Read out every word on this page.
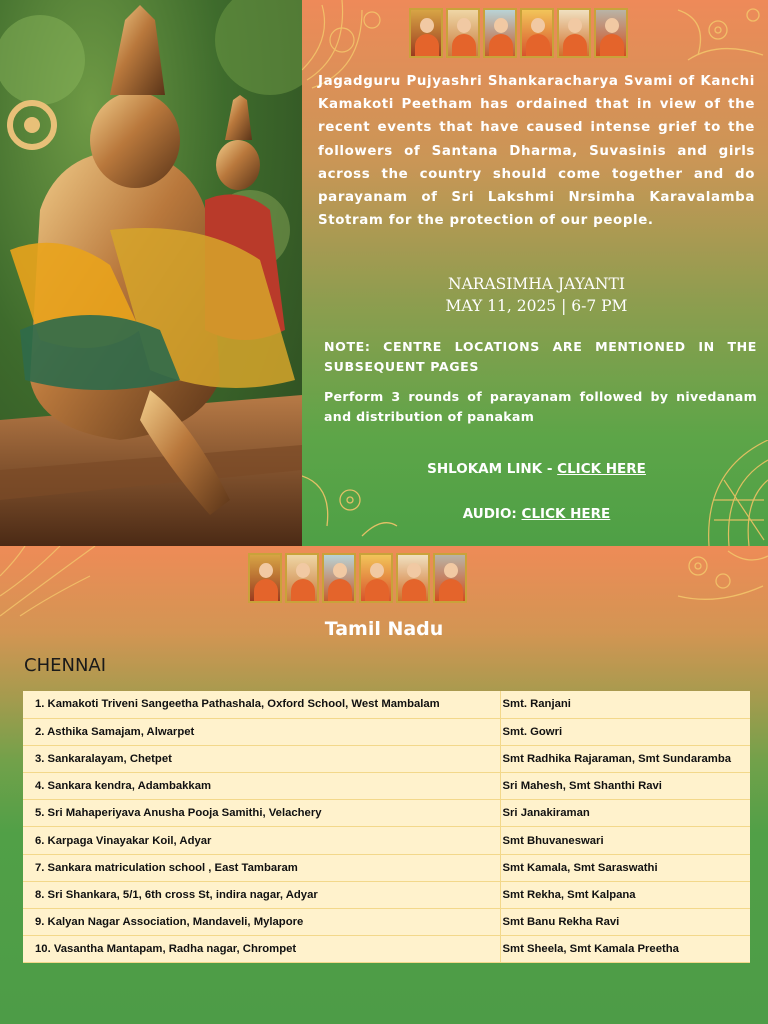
Jagadguru Pujyashri Shankaracharya Svami of Kanchi Kamakoti Peetham has ordained that in view of the recent events that have caused intense grief to the followers of Santana Dharma, Suvasinis and girls across the country should come together and do parayanam of Sri Lakshmi Nrsimha Karavalamba Stotram for the protection of our people.

NARASIMHA JAYANTI
MAY 11, 2025 | 6-7 PM

NOTE: CENTRE LOCATIONS ARE MENTIONED IN THE SUBSEQUENT PAGES

Perform 3 rounds of parayanam followed by nivedanam and distribution of panakam

SHLOKAM LINK - CLICK HERE
AUDIO: CLICK HERE
Tamil Nadu
CHENNAI
1. Kamakoti Triveni Sangeetha Pathashala, Oxford School, West Mambalam	Smt. Ranjani
2. Asthika Samajam, Alwarpet	Smt. Gowri
3. Sankaralayam, Chetpet	Smt Radhika Rajaraman, Smt Sundaramba
4. Sankara kendra, Adambakkam	Sri Mahesh, Smt Shanthi Ravi
5. Sri Mahaperiyava Anusha Pooja Samithi, Velachery	Sri Janakiraman
6. Karpaga Vinayakar Koil, Adyar	Smt Bhuvaneswari
7. Sankara matriculation school , East Tambaram	Smt Kamala, Smt Saraswathi
8. Sri Shankara, 5/1, 6th cross St, indira nagar, Adyar	Smt Rekha, Smt Kalpana
9. Kalyan Nagar Association, Mandaveli, Mylapore	Smt Banu Rekha Ravi
10. Vasantha Mantapam, Radha nagar, Chrompet	Smt Sheela, Smt Kamala Preetha
